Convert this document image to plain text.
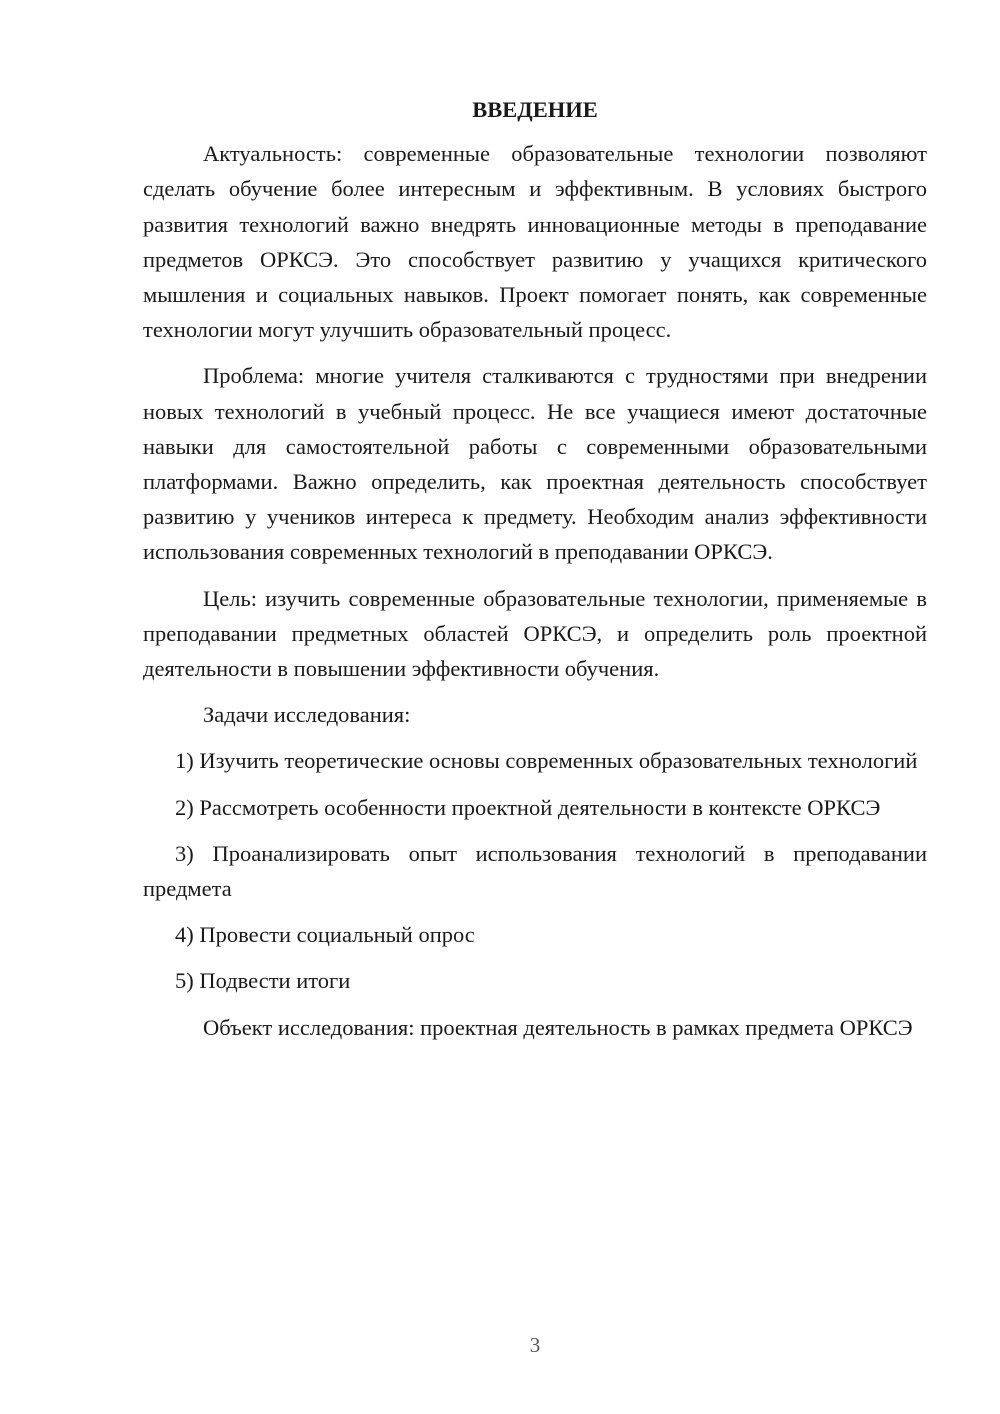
ВВЕДЕНИЕ

Актуальность: современные образовательные технологии позволяют сделать обучение более интересным и эффективным. В условиях быстрого развития технологий важно внедрять инновационные методы в преподавание предметов ОРКСЭ. Это способствует развитию у учащихся критического мышления и социальных навыков. Проект помогает понять, как современные технологии могут улучшить образовательный процесс.

Проблема: многие учителя сталкиваются с трудностями при внедрении новых технологий в учебный процесс. Не все учащиеся имеют достаточные навыки для самостоятельной работы с современными образовательными платформами. Важно определить, как проектная деятельность способствует развитию у учеников интереса к предмету. Необходим анализ эффективности использования современных технологий в преподавании ОРКСЭ.

Цель: изучить современные образовательные технологии, применяемые в преподавании предметных областей ОРКСЭ, и определить роль проектной деятельности в повышении эффективности обучения.

Задачи исследования:

1) Изучить теоретические основы современных образовательных технологий

2) Рассмотреть особенности проектной деятельности в контексте ОРКСЭ

3) Проанализировать опыт использования технологий в преподавании предмета

4) Провести социальный опрос

5) Подвести итоги

Объект исследования: проектная деятельность в рамках предмета ОРКСЭ

3
